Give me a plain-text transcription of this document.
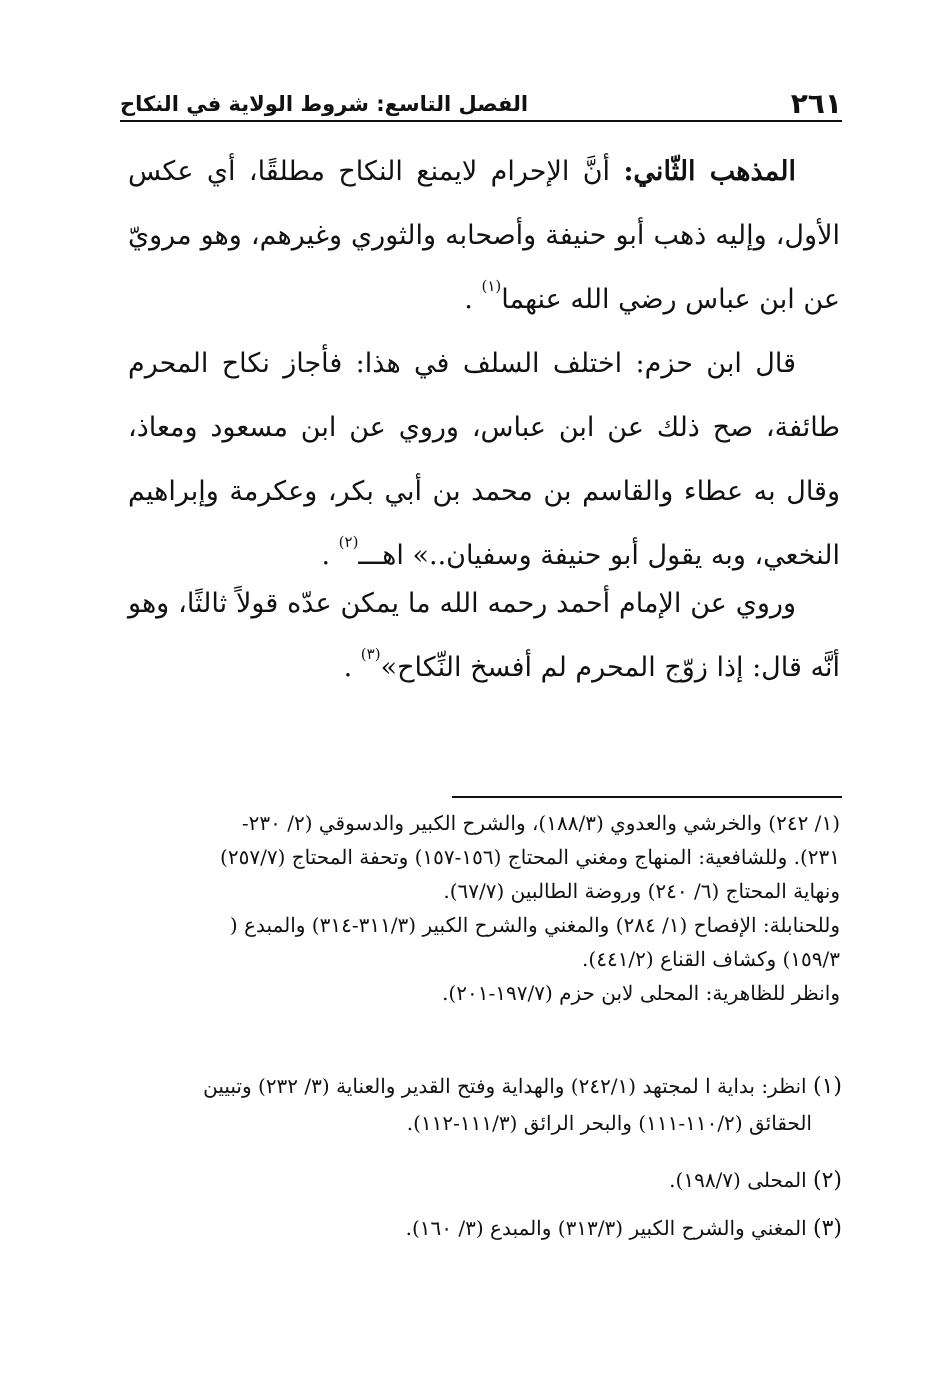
٢٦١
الفصل التاسع: شروط الولاية في النكاح

المذهب الثّاني: أنَّ الإحرام لايمنع النكاح مطلقًا، أي عكس الأول، وإليه ذهب أبو حنيفة وأصحابه والثوري وغيرهم، وهو مرويّ عن ابن عباس رضي الله عنهما$^{(١)}$ .

قال ابن حزم: اختلف السلف في هذا: فأجاز نكاح المحرم طائفة، صح ذلك عن ابن عباس، وروي عن ابن مسعود ومعاذ، وقال به عطاء والقاسم بن محمد بن أبي بكر، وعكرمة وإبراهيم النخعي، وبه يقول أبو حنيفة وسفيان..» اهـــ$^{(٢)}$ .

وروي عن الإمام أحمد رحمه الله ما يمكن عدّه قولاً ثالثًا، وهو أنَّه قال: إذا زوّج المحرم لم أفسخ النِّكاح»$^{(٣)}$ .

(١/ ٢٤٢) والخرشي والعدوي (١٨٨/٣)، والشرح الكبير والدسوقي (٢/ ٢٣٠-
٢٣١). وللشافعية: المنهاج ومغني المحتاج (١٥٦-١٥٧) وتحفة المحتاج (٢٥٧/٧)
ونهاية المحتاج (٦/ ٢٤٠) وروضة الطالبين (٦٧/٧).
وللحنابلة: الإفصاح (١/ ٢٨٤) والمغني والشرح الكبير (٣١١/٣-٣١٤) والمبدع (
١٥٩/٣) وكشاف القناع (٤٤١/٢).
وانظر للظاهرية: المحلى لابن حزم (١٩٧/٧-٢٠١).
(١) انظر: بداية ا لمجتهد (٢٤٢/١) والهداية وفتح القدير والعناية (٣/ ٢٣٢) وتبيين
الحقائق (١١٠/٢-١١١) والبحر الرائق (١١١/٣-١١٢).
(٢) المحلى (١٩٨/٧).
(٣) المغني والشرح الكبير (٣١٣/٣) والمبدع (٣/ ١٦٠).
